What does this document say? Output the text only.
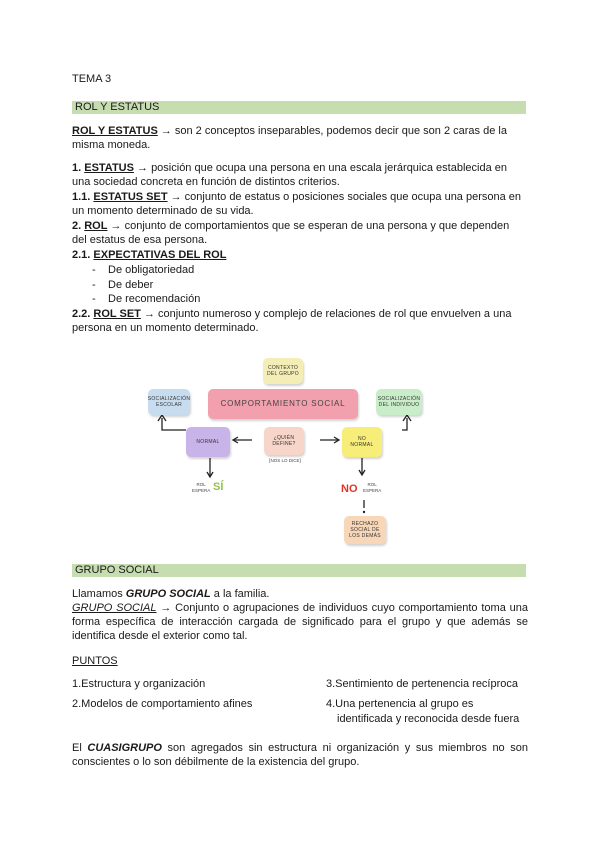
TEMA 3
ROL Y ESTATUS
ROL Y ESTATUS → son 2 conceptos inseparables, podemos decir que son 2 caras de la
misma moneda.
1. ESTATUS → posición que ocupa una persona en una escala jerárquica establecida en
una sociedad concreta en función de distintos criterios.
1.1. ESTATUS SET → conjunto de estatus o posiciones sociales que ocupa una persona en
un momento determinado de su vida.
2. ROL → conjunto de comportamientos que se esperan de una persona y que dependen
del estatus de esa persona.
2.1. EXPECTATIVAS DEL ROL
- De obligatoriedad
- De deber
- De recomendación
2.2. ROL SET → conjunto numeroso y complejo de relaciones de rol que envuelven a una
persona en un momento determinado.
CONTEXTO
DEL GRUPO
COMPORTAMIENTO SOCIAL
SOCIALIZACIÓN
ESCOLAR
SOCIALIZACIÓN
DEL INDIVIDUO
NORMAL
¿QUIÉN
DEFINE?
[NOS LO DICE]
NO
NORMAL
ROL
ESPERA SÍ	NO	ROL
ESPERA
RECHAZO
SOCIAL DE
LOS DEMÁS
GRUPO SOCIAL
Llamamos GRUPO SOCIAL a la familia.
GRUPO SOCIAL → Conjunto o agrupaciones de individuos cuyo comportamiento toma una forma específica de interacción cargada de significado para el grupo y que además se identifica desde el exterior como tal.
PUNTOS
1.Estructura y organización	3.Sentimiento de pertenencia recíproca
2.Modelos de comportamiento afines	4.Una pertenencia al grupo es
identificada y reconocida desde fuera
El CUASIGRUPO son agregados sin estructura ni organización y sus miembros no son conscientes o lo son débilmente de la existencia del grupo.
